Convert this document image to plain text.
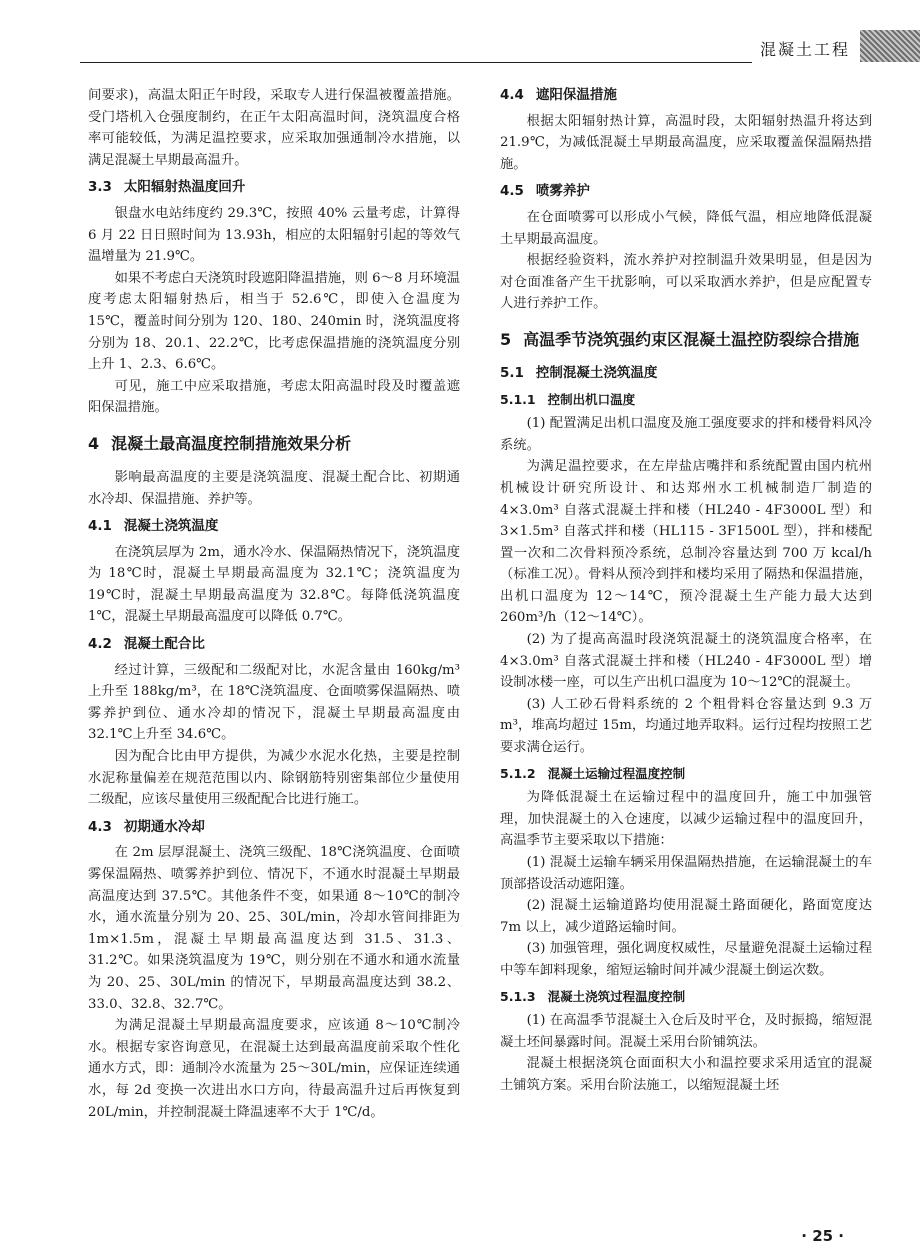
混凝土工程

间要求)，高温太阳正午时段，采取专人进行保温被覆盖措施。受门塔机入仓强度制约，在正午太阳高温时间，浇筑温度合格率可能较低，为满足温控要求，应采取加强通制冷水措施，以满足混凝土早期最高温升。

3.3 太阳辐射热温度回升

银盘水电站纬度约 29.3℃，按照 40% 云量考虑，计算得 6 月 22 日日照时间为 13.93h，相应的太阳辐射引起的等效气温增量为 21.9℃。

如果不考虑白天浇筑时段遮阳降温措施，则 6～8 月环境温度考虑太阳辐射热后，相当于 52.6℃，即使入仓温度为 15℃，覆盖时间分别为 120、180、240min 时，浇筑温度将分别为 18、20.1、22.2℃，比考虑保温措施的浇筑温度分别上升 1、2.3、6.6℃。

可见，施工中应采取措施，考虑太阳高温时段及时覆盖遮阳保温措施。

4 混凝土最高温度控制措施效果分析

影响最高温度的主要是浇筑温度、混凝土配合比、初期通水冷却、保温措施、养护等。

4.1 混凝土浇筑温度

在浇筑层厚为 2m，通水冷水、保温隔热情况下，浇筑温度为 18℃时，混凝土早期最高温度为 32.1℃；浇筑温度为 19℃时，混凝土早期最高温度为 32.8℃。每降低浇筑温度 1℃，混凝土早期最高温度可以降低 0.7℃。

4.2 混凝土配合比

经过计算，三级配和二级配对比，水泥含量由 160kg/m³ 上升至 188kg/m³，在 18℃浇筑温度、仓面喷雾保温隔热、喷雾养护到位、通水冷却的情况下，混凝土早期最高温度由 32.1℃上升至 34.6℃。

因为配合比由甲方提供，为减少水泥水化热，主要是控制水泥称量偏差在规范范围以内、除钢筋特别密集部位少量使用二级配，应该尽量使用三级配配合比进行施工。

4.3 初期通水冷却

在 2m 层厚混凝土、浇筑三级配、18℃浇筑温度、仓面喷雾保温隔热、喷雾养护到位、情况下，不通水时混凝土早期最高温度达到 37.5℃。其他条件不变，如果通 8～10℃的制冷水，通水流量分别为 20、25、30L/min，冷却水管间排距为 1m×1.5m，混凝土早期最高温度达到 31.5、31.3、31.2℃。如果浇筑温度为 19℃，则分别在不通水和通水流量为 20、25、30L/min 的情况下，早期最高温度达到 38.2、33.0、32.8、32.7℃。

为满足混凝土早期最高温度要求，应该通 8～10℃制冷水。根据专家咨询意见，在混凝土达到最高温度前采取个性化通水方式，即：通制冷水流量为 25～30L/min，应保证连续通水，每 2d 变换一次进出水口方向，待最高温升过后再恢复到 20L/min，并控制混凝土降温速率不大于 1℃/d。

4.4 遮阳保温措施

根据太阳辐射热计算，高温时段，太阳辐射热温升将达到 21.9℃，为减低混凝土早期最高温度，应采取覆盖保温隔热措施。

4.5 喷雾养护

在仓面喷雾可以形成小气候，降低气温，相应地降低混凝土早期最高温度。

根据经验资料，流水养护对控制温升效果明显，但是因为对仓面准备产生干扰影响，可以采取洒水养护，但是应配置专人进行养护工作。

5 高温季节浇筑强约束区混凝土温控防裂综合措施
5.1 控制混凝土浇筑温度
5.1.1 控制出机口温度

(1) 配置满足出机口温度及施工强度要求的拌和楼骨料风冷系统。

为满足温控要求，在左岸盐店嘴拌和系统配置由国内杭州机械设计研究所设计、和达郑州水工机械制造厂制造的 4×3.0m³ 自落式混凝土拌和楼（HL240 - 4F3000L 型）和 3×1.5m³ 自落式拌和楼（HL115 - 3F1500L 型），拌和楼配置一次和二次骨料预冷系统，总制冷容量达到 700 万 kcal/h（标准工况）。骨料从预冷到拌和楼均采用了隔热和保温措施，出机口温度为 12～14℃，预冷混凝土生产能力最大达到 260m³/h（12～14℃）。

(2) 为了提高高温时段浇筑混凝土的浇筑温度合格率，在 4×3.0m³ 自落式混凝土拌和楼（HL240 - 4F3000L 型）增设制冰楼一座，可以生产出机口温度为 10～12℃的混凝土。

(3) 人工砂石骨料系统的 2 个粗骨料仓容量达到 9.3 万 m³，堆高均超过 15m，均通过地弄取料。运行过程均按照工艺要求满仓运行。

5.1.2 混凝土运输过程温度控制

为降低混凝土在运输过程中的温度回升，施工中加强管理，加快混凝土的入仓速度，以减少运输过程中的温度回升，高温季节主要采取以下措施：

(1) 混凝土运输车辆采用保温隔热措施，在运输混凝土的车顶部搭设活动遮阳篷。

(2) 混凝土运输道路均使用混凝土路面硬化，路面宽度达 7m 以上，减少道路运输时间。

(3) 加强管理，强化调度权威性，尽量避免混凝土运输过程中等车卸料现象，缩短运输时间并减少混凝土倒运次数。

5.1.3 混凝土浇筑过程温度控制

(1) 在高温季节混凝土入仓后及时平仓，及时振捣，缩短混凝土坯间暴露时间。混凝土采用台阶铺筑法。

混凝土根据浇筑仓面面积大小和温控要求采用适宜的混凝土铺筑方案。采用台阶法施工，以缩短混凝土坯

· 25 ·
